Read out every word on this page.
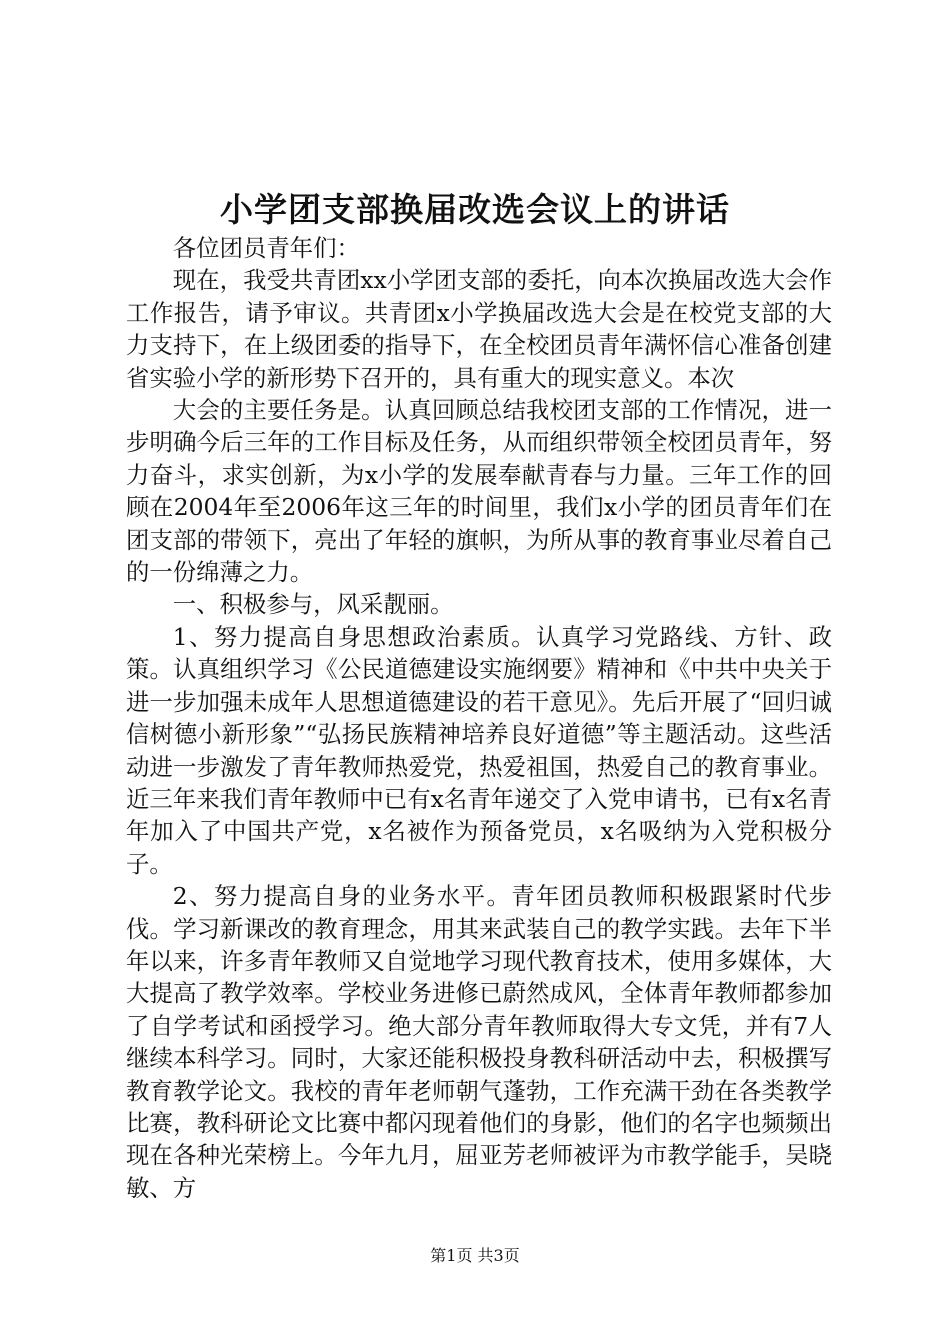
小学团支部换届改选会议上的讲话

各位团员青年们：

现在，我受共青团xx小学团支部的委托，向本次换届改选大会作工作报告，请予审议。共青团x小学换届改选大会是在校党支部的大力支持下，在上级团委的指导下，在全校团员青年满怀信心准备创建省实验小学的新形势下召开的，具有重大的现实意义。本次

大会的主要任务是。认真回顾总结我校团支部的工作情况，进一步明确今后三年的工作目标及任务，从而组织带领全校团员青年，努力奋斗，求实创新，为x小学的发展奉献青春与力量。三年工作的回顾在2004年至2006年这三年的时间里，我们x小学的团员青年们在团支部的带领下，亮出了年轻的旗帜，为所从事的教育事业尽着自己的一份绵薄之力。

一、积极参与，风采靓丽。

1、努力提高自身思想政治素质。认真学习党路线、方针、政策。认真组织学习《公民道德建设实施纲要》精神和《中共中央关于进一步加强未成年人思想道德建设的若干意见》。先后开展了“回归诚信树德小新形象”“弘扬民族精神培养良好道德”等主题活动。这些活动进一步激发了青年教师热爱党，热爱祖国，热爱自己的教育事业。近三年来我们青年教师中已有x名青年递交了入党申请书，已有x名青年加入了中国共产党，x名被作为预备党员，x名吸纳为入党积极分子。

2、努力提高自身的业务水平。青年团员教师积极跟紧时代步伐。学习新课改的教育理念，用其来武装自己的教学实践。去年下半年以来，许多青年教师又自觉地学习现代教育技术，使用多媒体，大大提高了教学效率。学校业务进修已蔚然成风，全体青年教师都参加了自学考试和函授学习。绝大部分青年教师取得大专文凭，并有7人继续本科学习。同时，大家还能积极投身教科研活动中去，积极撰写教育教学论文。我校的青年老师朝气蓬勃，工作充满干劲在各类教学比赛，教科研论文比赛中都闪现着他们的身影，他们的名字也频频出现在各种光荣榜上。今年九月，屈亚芳老师被评为市教学能手，吴晓敏、方

第1页 共3页
